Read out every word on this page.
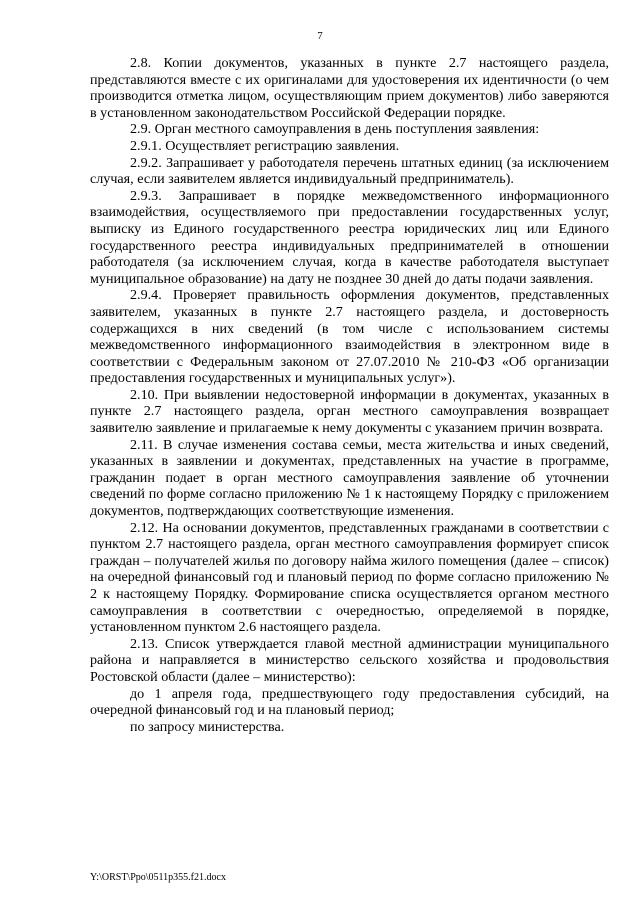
7

2.8. Копии документов, указанных в пункте 2.7 настоящего раздела, представляются вместе с их оригиналами для удостоверения их идентичности (о чем производится отметка лицом, осуществляющим прием документов) либо заверяются в установленном законодательством Российской Федерации порядке.

2.9. Орган местного самоуправления в день поступления заявления:

2.9.1. Осуществляет регистрацию заявления.

2.9.2. Запрашивает у работодателя перечень штатных единиц (за исключением случая, если заявителем является индивидуальный предприниматель).

2.9.3. Запрашивает в порядке межведомственного информационного взаимодействия, осуществляемого при предоставлении государственных услуг, выписку из Единого государственного реестра юридических лиц или Единого государственного реестра индивидуальных предпринимателей в отношении работодателя (за исключением случая, когда в качестве работодателя выступает муниципальное образование) на дату не позднее 30 дней до даты подачи заявления.

2.9.4. Проверяет правильность оформления документов, представленных заявителем, указанных в пункте 2.7 настоящего раздела, и достоверность содержащихся в них сведений (в том числе с использованием системы межведомственного информационного взаимодействия в электронном виде в соответствии с Федеральным законом от 27.07.2010 № 210-ФЗ «Об организации предоставления государственных и муниципальных услуг»).

2.10. При выявлении недостоверной информации в документах, указанных в пункте 2.7 настоящего раздела, орган местного самоуправления возвращает заявителю заявление и прилагаемые к нему документы с указанием причин возврата.

2.11. В случае изменения состава семьи, места жительства и иных сведений, указанных в заявлении и документах, представленных на участие в программе, гражданин подает в орган местного самоуправления заявление об уточнении сведений по форме согласно приложению № 1 к настоящему Порядку с приложением документов, подтверждающих соответствующие изменения.

2.12. На основании документов, представленных гражданами в соответствии с пунктом 2.7 настоящего раздела, орган местного самоуправления формирует список граждан – получателей жилья по договору найма жилого помещения (далее – список) на очередной финансовый год и плановый период по форме согласно приложению № 2 к настоящему Порядку. Формирование списка осуществляется органом местного самоуправления в соответствии с очередностью, определяемой в порядке, установленном пунктом 2.6 настоящего раздела.

2.13. Список утверждается главой местной администрации муниципального района и направляется в министерство сельского хозяйства и продовольствия Ростовской области (далее – министерство):

до 1 апреля года, предшествующего году предоставления субсидий, на очередной финансовый год и на плановый период;

по запросу министерства.

Y:\ORST\Ppo\0511p355.f21.docx
